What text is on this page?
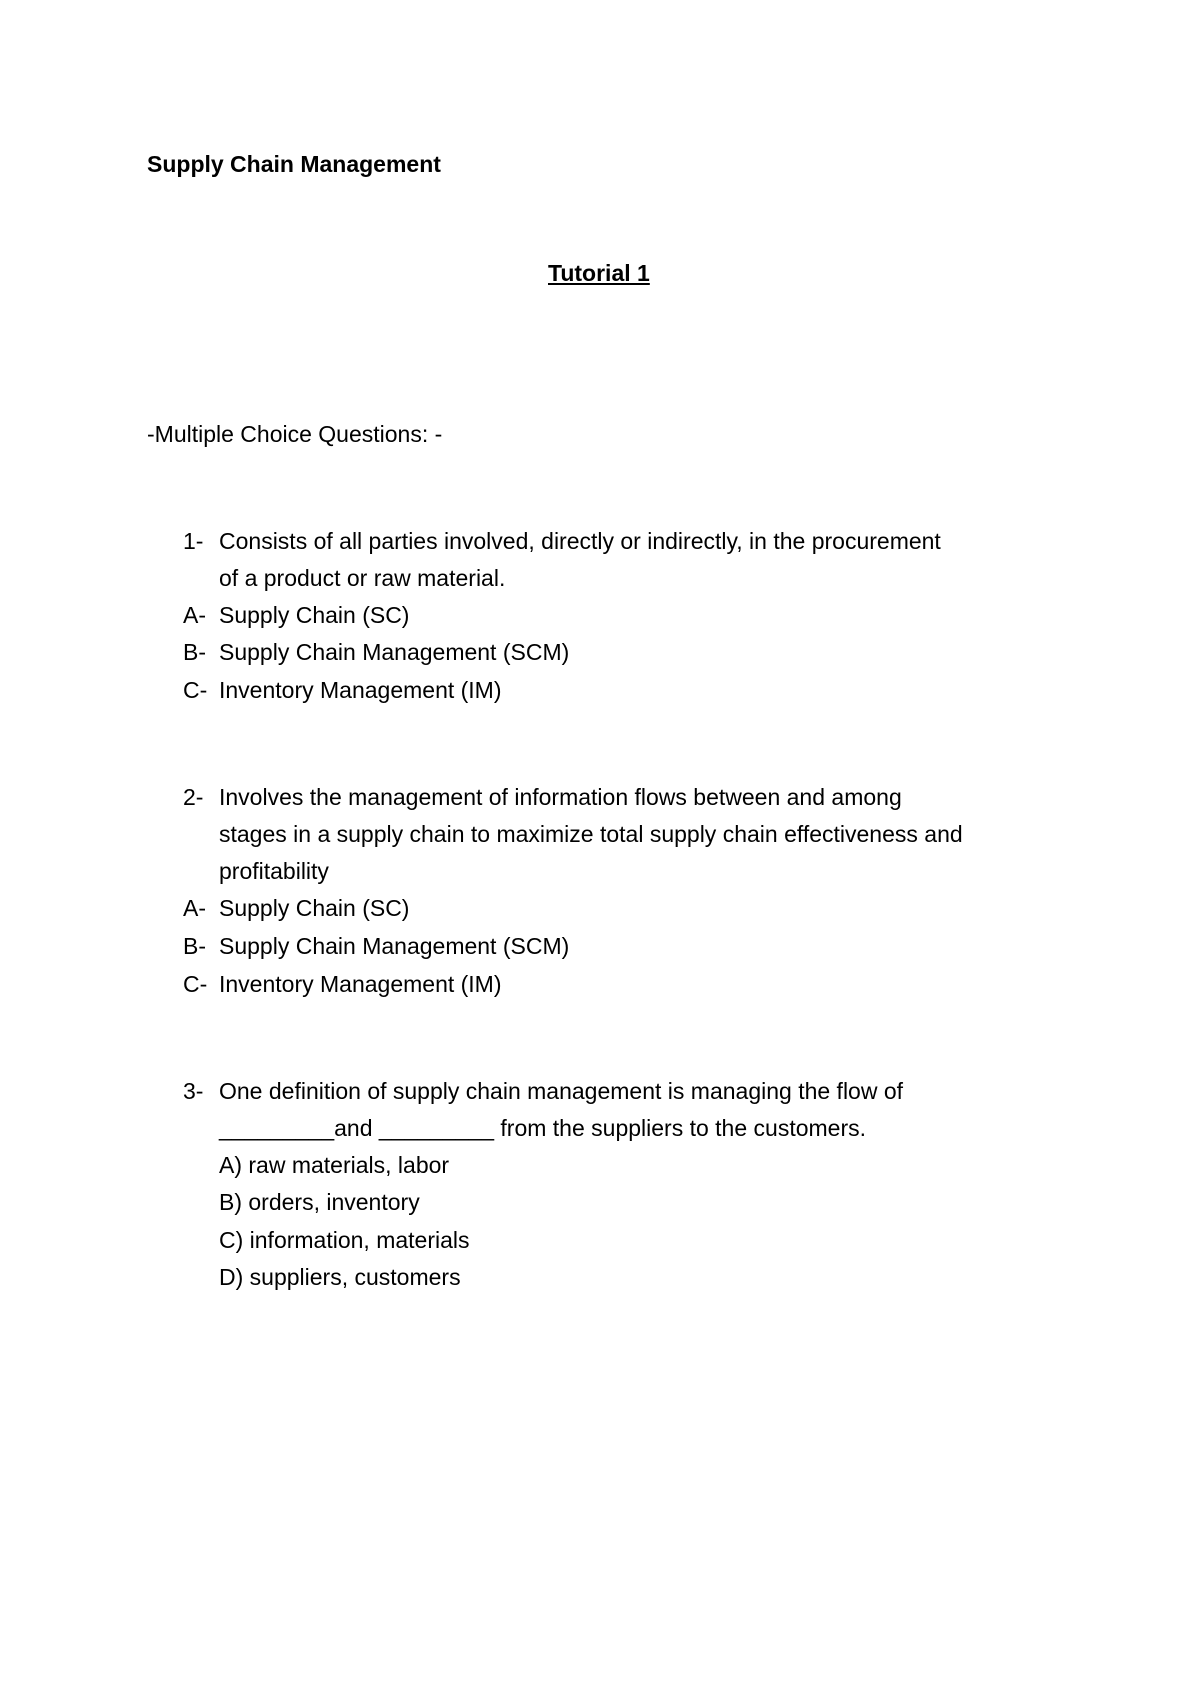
Supply Chain Management
Tutorial 1
-Multiple Choice Questions: -
1- Consists of all parties involved, directly or indirectly, in the procurement
of a product or raw material.
A- Supply Chain (SC)
B- Supply Chain Management (SCM)
C- Inventory Management (IM)
2- Involves the management of information flows between and among
stages in a supply chain to maximize total supply chain effectiveness and
profitability
A- Supply Chain (SC)
B- Supply Chain Management (SCM)
C- Inventory Management (IM)
3- One definition of supply chain management is managing the flow of
_________and _________ from the suppliers to the customers.
A) raw materials, labor
B) orders, inventory
C) information, materials
D) suppliers, customers
